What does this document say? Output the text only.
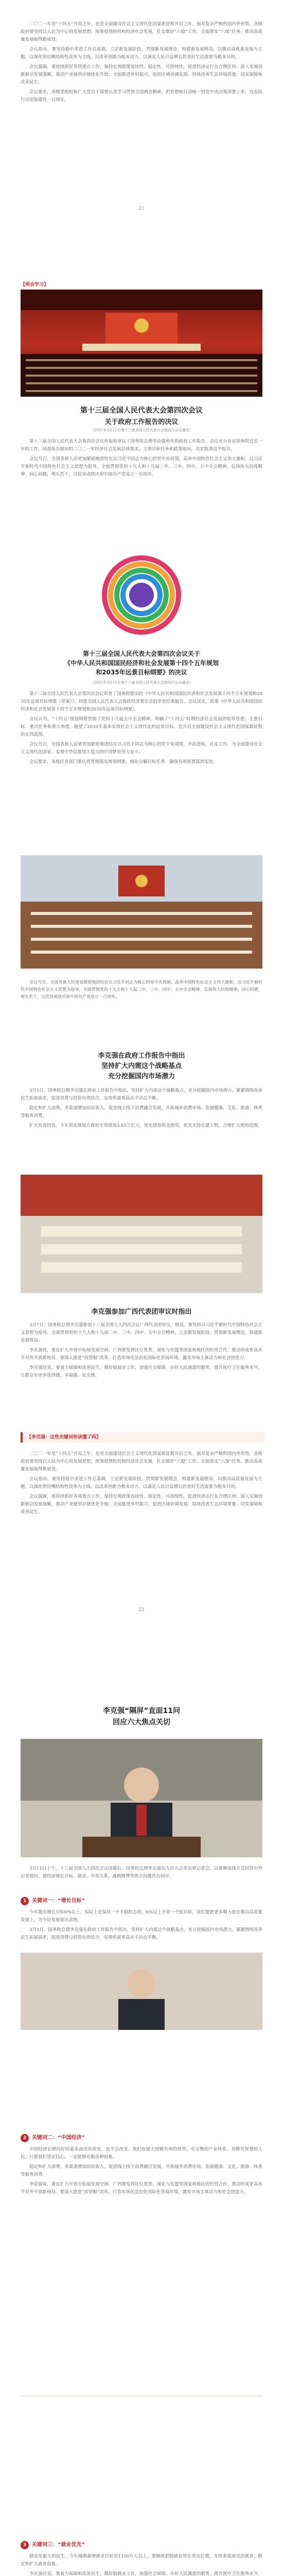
二〇二一年是“十四五”开局之年，也是全面建设社会主义现代化国家新征程开启之年。面对复杂严峻的国内外形势，各级政府要坚持以人民为中心的发展思想，统筹疫情防控和经济社会发展，扎实做好“六稳”工作、全面落实“六保”任务，推动高质量发展取得新成效。

会议指出，要坚持稳中求进工作总基调，立足新发展阶段，贯彻新发展理念，构建新发展格局，以推动高质量发展为主题，以深化供给侧结构性改革为主线，以改革创新为根本动力，以满足人民日益增长的美好生活需要为根本目的。

会议强调，要持续抓好各项重点工作，保持宏观政策连续性、稳定性、可持续性，促进经济运行在合理区间；深入实施创新驱动发展战略，推动产业链供应链优化升级；全面推进乡村振兴，促进区域协调发展；持续改善生态环境质量；切实保障和改善民生。

会议要求，各级党组织和广大党员干部要认真学习贯彻全国两会精神，把思想和行动统一到党中央决策部署上来，以实际行动迎接建党一百周年。

21
【两会学习】
第十三届全国人民代表大会第四次会议
关于政府工作报告的决议
（2021年3月11日第十三届全国人民代表大会第四次会议通过）

第十三届全国人民代表大会第四次会议听取和审议了国务院总理李克强所作的政府工作报告。会议充分肯定国务院过去一年的工作，同意报告提出的二〇二一年经济社会发展总体要求、主要目标任务和政策取向，决定批准这个报告。

会议号召，全国各族人民更加紧密地团结在以习近平同志为核心的党中央周围，高举中国特色社会主义伟大旗帜，以习近平新时代中国特色社会主义思想为指导，全面贯彻党的十九大和十九届二中、三中、四中、五中全会精神，弘扬伟大抗疫精神，同心同德，埋头苦干，以优异成绩庆祝中国共产党成立一百周年。

第十三届全国人民代表大会第四次会议关于
《中华人民共和国国民经济和社会发展第十四个五年规划
和2035年远景目标纲要》的决议
（2021年3月11日第十三届全国人民代表大会第四次会议通过）

第十三届全国人民代表大会第四次会议审查了国务院提出的《中华人民共和国国民经济和社会发展第十四个五年规划和2035年远景目标纲要（草案）》，同意全国人民代表大会财政经济委员会的审查结果报告。会议决定，批准《中华人民共和国国民经济和社会发展第十四个五年规划和2035年远景目标纲要》。

会议认为，“十四五”规划纲要贯彻了党的十九届五中全会精神，明确了“十四五”时期经济社会发展的指导思想、主要目标、重点任务和重大举措，展望了2035年基本实现社会主义现代化的远景目标，是开启全面建设社会主义现代化国家新征程的宏伟蓝图。

会议号召，全国各族人民要更加紧密地团结在以习近平同志为核心的党中央周围，开拓进取，扎实工作，为全面建设社会主义现代化国家、实现中华民族伟大复兴的中国梦而努力奋斗。

会议要求，各地区各部门要认真贯彻落实规划纲要，细化分解目标任务，确保各项部署落到实处。

会议号召，全国各族人民更加紧密地团结在以习近平同志为核心的党中央周围，高举中国特色社会主义伟大旗帜，以习近平新时代中国特色社会主义思想为指导，全面贯彻党的十九大和十九届二中、三中、四中、五中全会精神，弘扬伟大抗疫精神，同心同德，埋头苦干，以优异成绩庆祝中国共产党成立一百周年。

李克强在政府工作报告中指出
坚持扩大内需这个战略基点
充分挖掘国内市场潜力

3月5日，国务院总理李克强在政府工作报告中指出，坚持扩大内需这个战略基点，充分挖掘国内市场潜力。紧紧围绕改善民生拓展需求，促进消费与投资有效结合，实现供需更高水平动态平衡。

稳定和扩大消费。多渠道增加居民收入。促进线上线下消费融合发展，开拓城乡消费市场。发展健康、文化、旅游、体育等服务消费。

扩大有效投资。今年拟安排地方政府专项债券3.65万亿元，优化债券资金使用，优先支持在建工程，合理扩大使用范围。

李克强参加广西代表团审议时指出

3月7日，国务院总理李克强参加十三届全国人大四次会议广西代表团审议。他说，要坚持以习近平新时代中国特色社会主义思想为指导，全面贯彻党的十九大和十九届二中、三中、四中、五中全会精神，立足新发展阶段、贯彻新发展理念、构建新发展格局。

李克强说，要在扩大开放中拓展发展空间。广西要发挥区位优势，深化与东盟等国家和地区的经贸合作，推动形成更高水平对外开放新格局。要深入推进“放管服”改革，打造市场化法治化国际化营商环境，激发市场主体活力和社会创造力。

李克强还说，要着力保障和改善民生，做好稳就业工作，加强社会保障，办好人民满意的教育，提升医疗卫生服务水平，让群众有更多获得感、幸福感、安全感。

【李克强：这些关键词你读懂了吗】

二〇二一年是“十四五”开局之年，也是全面建设社会主义现代化国家新征程开启之年。面对复杂严峻的国内外形势，各级政府要坚持以人民为中心的发展思想，统筹疫情防控和经济社会发展，扎实做好“六稳”工作、全面落实“六保”任务，推动高质量发展取得新成效。

会议指出，要坚持稳中求进工作总基调，立足新发展阶段，贯彻新发展理念，构建新发展格局，以推动高质量发展为主题，以深化供给侧结构性改革为主线，以改革创新为根本动力，以满足人民日益增长的美好生活需要为根本目的。

会议强调，要持续抓好各项重点工作，保持宏观政策连续性、稳定性、可持续性，促进经济运行在合理区间；深入实施创新驱动发展战略，推动产业链供应链优化升级；全面推进乡村振兴，促进区域协调发展；持续改善生态环境质量；切实保障和改善民生。

22
李克强“隔屏”直面11问
回应六大焦点关切

3月11日上午，十三届全国人大四次会议闭幕后，国务院总理李克强在人民大会堂出席记者会，以视频连线方式回答中外记者提问，就经济增长目标、就业、中美关系、减税降费等热点问题作出回应。

1 关键词一：“增长目标”

今年提出增长目标6%以上，实际上是保持一个平稳的态势。6%以上不是一个低目标，我们要把更多精力放在推动高质量发展上，为今后发展留出余地。

3月5日，国务院总理李克强在政府工作报告中指出，坚持扩大内需这个战略基点，充分挖掘国内市场潜力。紧紧围绕改善民生拓展需求，促进消费与投资有效结合，实现供需更高水平动态平衡。

2 关键词二：“中国经济”

中国经济长期向好的基本面没有改变，也不会改变。我们有超大规模市场的优势，有完整的产业体系，有勤劳智慧的人民，只要我们坚定信心，一定能够克服各种困难。

稳定和扩大消费。多渠道增加居民收入。促进线上线下消费融合发展，开拓城乡消费市场。发展健康、文化、旅游、体育等服务消费。

李克强说，要在扩大开放中拓展发展空间。广西要发挥区位优势，深化与东盟等国家和地区的经贸合作，推动形成更高水平对外开放新格局。要深入推进“放管服”改革，打造市场化法治化国际化营商环境，激发市场主体活力和社会创造力。

3 关键词三：“就业优先”

就业是最大的民生。今年城镇新增就业目标是1100万人以上，要继续把稳就业放在突出位置，支持多渠道灵活就业，稳定和扩大就业容量。

李克强还说，要着力保障和改善民生，做好稳就业工作，加强社会保障，办好人民满意的教育，提升医疗卫生服务水平，
